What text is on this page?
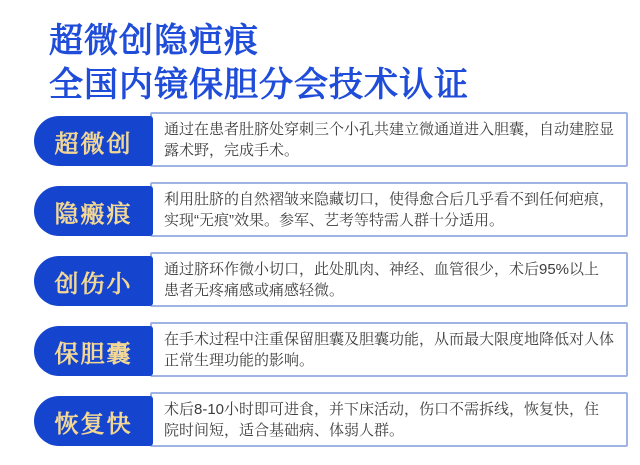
超微创隐疤痕
全国内镜保胆分会技术认证
超微创
通过在患者肚脐处穿刺三个小孔共建立微通道进入胆囊，自动建腔显露术野，完成手术。
隐瘢痕
利用肚脐的自然褶皱来隐藏切口，使得愈合后几乎看不到任何疤痕，实现“无痕”效果。参军、艺考等特需人群十分适用。
创伤小
通过脐环作微小切口，此处肌肉、神经、血管很少，术后95%以上患者无疼痛感或痛感轻微。
保胆囊
在手术过程中注重保留胆囊及胆囊功能，从而最大限度地降低对人体正常生理功能的影响。
恢复快
术后8-10小时即可进食，并下床活动，伤口不需拆线，恢复快，住院时间短，适合基础病、体弱人群。
